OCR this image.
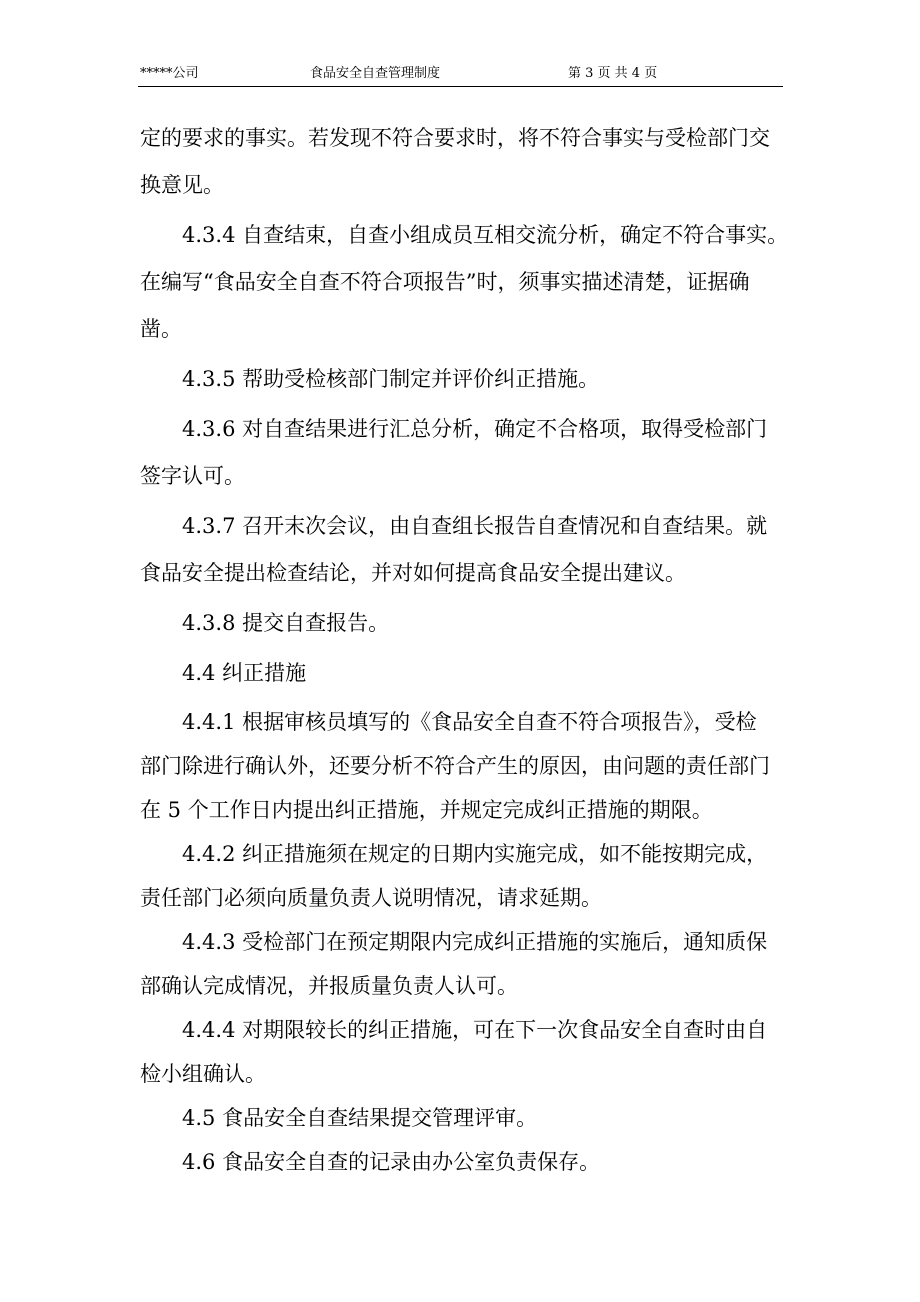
*****公司	食品安全自查管理制度	第 3 页 共 4 页
定的要求的事实。若发现不符合要求时，将不符合事实与受检部门交
换意见。
4.3.4 自查结束，自查小组成员互相交流分析，确定不符合事实。
在编写“食品安全自查不符合项报告”时，须事实描述清楚，证据确
凿。
4.3.5 帮助受检核部门制定并评价纠正措施。
4.3.6 对自查结果进行汇总分析，确定不合格项，取得受检部门
签字认可。
4.3.7 召开末次会议，由自查组长报告自查情况和自查结果。就
食品安全提出检查结论，并对如何提高食品安全提出建议。
4.3.8 提交自查报告。
4.4 纠正措施
4.4.1 根据审核员填写的《食品安全自查不符合项报告》，受检
部门除进行确认外，还要分析不符合产生的原因，由问题的责任部门
在 5 个工作日内提出纠正措施，并规定完成纠正措施的期限。
4.4.2 纠正措施须在规定的日期内实施完成，如不能按期完成，
责任部门必须向质量负责人说明情况，请求延期。
4.4.3 受检部门在预定期限内完成纠正措施的实施后，通知质保
部确认完成情况，并报质量负责人认可。
4.4.4 对期限较长的纠正措施，可在下一次食品安全自查时由自
检小组确认。
4.5 食品安全自查结果提交管理评审。
4.6 食品安全自查的记录由办公室负责保存。
